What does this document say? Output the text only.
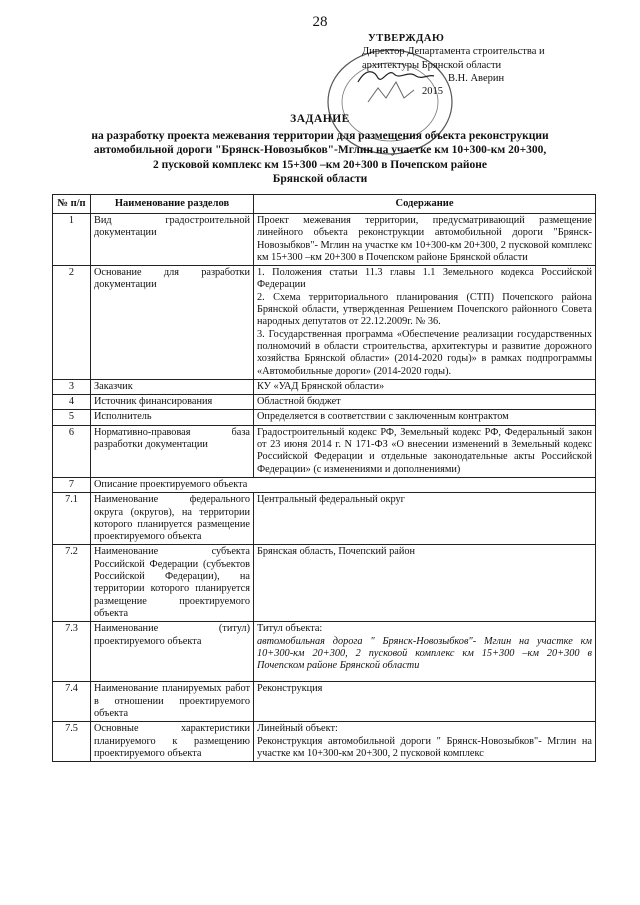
28
УТВЕРЖДАЮ
Директор Департамента строительства и
архитектуры Брянской области
В.Н. Аверин
2015
ЗАДАНИЕ
на разработку проекта межевания территории для размещения объекта реконструкции
автомобильной дороги "Брянск-Новозыбков"-Мглин на участке км 10+300-км 20+300,
2 пусковой комплекс км 15+300 –км 20+300 в Почепском районе
Брянской области
№ п/п	Наименование разделов	Содержание
1	Вид градостроительной документации	Проект межевания территории, предусматривающий размещение линейного объекта реконструкции автомобильной дороги "Брянск-Новозыбков"- Мглин на участке км 10+300-км 20+300, 2 пусковой комплекс км 15+300 –км 20+300 в Почепском районе Брянской области

2	Основание для разработки документации	1. Положения статьи 11.3 главы 1.1 Земельного кодекса Российской Федерации
2. Схема территориального планирования (СТП) Почепского района Брянской области, утвержденная Решением Почепского районного Совета народных депутатов от 22.12.2009г. № 36.
3. Государственная программа «Обеспечение реализации государственных полномочий в области строительства, архитектуры и развитие дорожного хозяйства Брянской области» (2014-2020 годы)» в рамках подпрограммы «Автомобильные дороги» (2014-2020 годы).

3	Заказчик	КУ «УАД Брянской области»

4	Источник финансирования	Областной бюджет

5	Исполнитель	Определяется в соответствии с заключенным контрактом

6	Нормативно-правовая база разработки документации	Градостроительный кодекс РФ, Земельный кодекс РФ, Федеральный закон от 23 июня 2014 г. N 171-ФЗ «О внесении изменений в Земельный кодекс Российской Федерации и отдельные законодательные акты Российской Федерации» (с изменениями и дополнениями)

7	Описание проектируемого объекта	
7.1	Наименование федерального округа (округов), на территории которого планируется размещение проектируемого объекта	Центральный федеральный округ

7.2	Наименование субъекта Российской Федерации (субъектов Российской Федерации), на территории которого планируется размещение проектируемого объекта	Брянская область, Почепский район

7.3	Наименование (титул) проектируемого объекта	Титул объекта:
автомобильная дорога " Брянск-Новозыбков"- Мглин на участке км 10+300-км 20+300, 2 пусковой комплекс км 15+300 –км 20+300 в Почепском районе Брянской области

7.4	Наименование планируемых работ в отношении проектируемого объекта	Реконструкция

7.5	Основные характеристики планируемого к размещению проектируемого объекта	Линейный объект:
Реконструкция автомобильной дороги " Брянск-Новозыбков"- Мглин на участке км 10+300-км 20+300, 2 пусковой комплекс
